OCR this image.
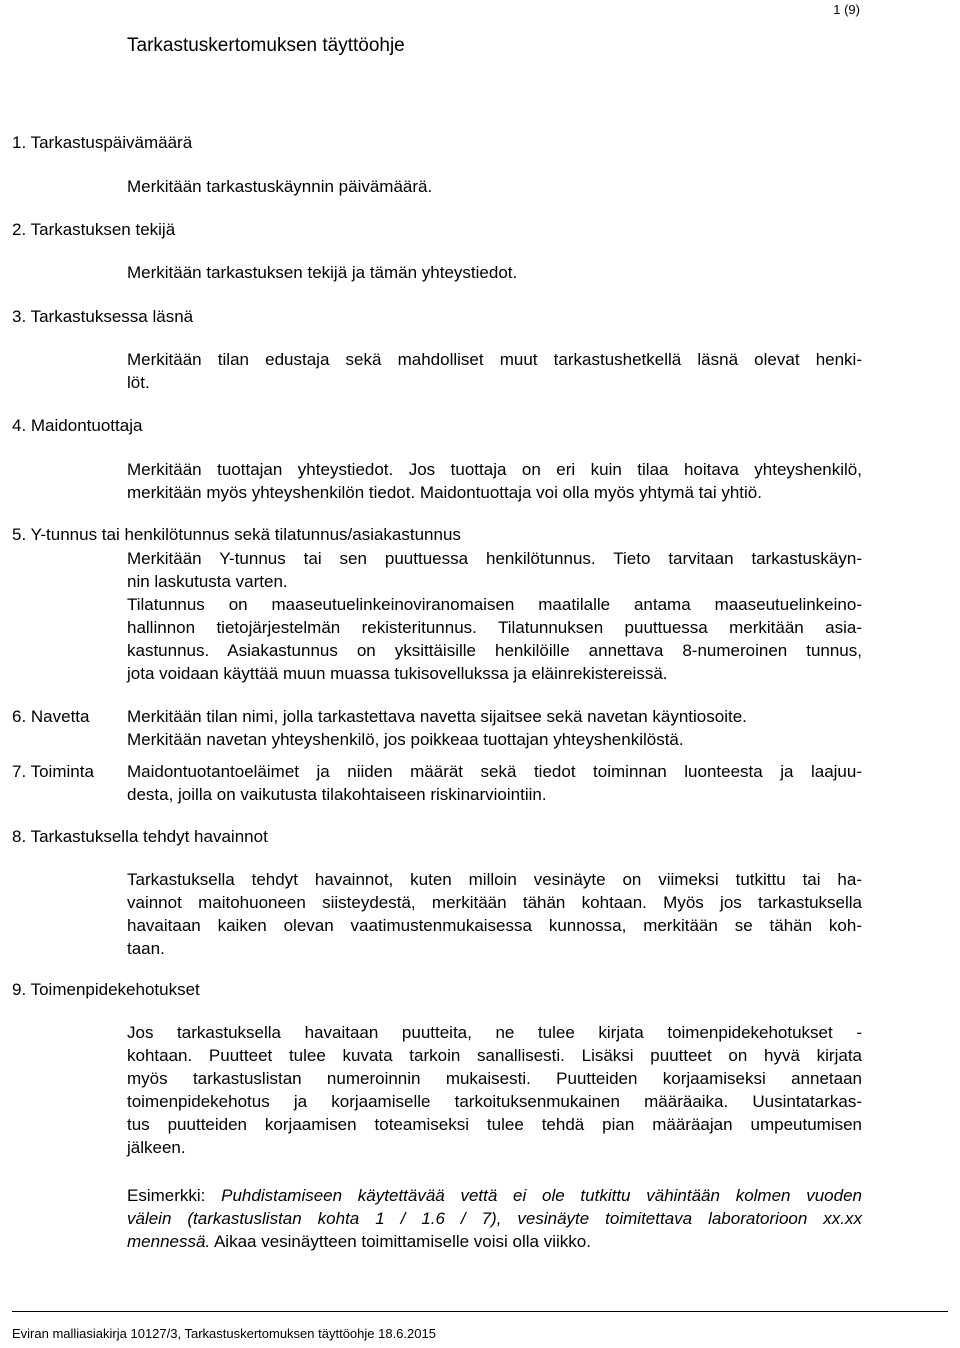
1 (9)
Tarkastuskertomuksen täyttöohje
1. Tarkastuspäivämäärä
Merkitään tarkastuskäynnin päivämäärä.
2. Tarkastuksen tekijä
Merkitään tarkastuksen tekijä ja tämän yhteystiedot.
3. Tarkastuksessa läsnä
Merkitään tilan edustaja sekä mahdolliset muut tarkastushetkellä läsnä olevat henki-
löt.
4. Maidontuottaja
Merkitään tuottajan yhteystiedot. Jos tuottaja on eri kuin tilaa hoitava yhteyshenkilö,
merkitään myös yhteyshenkilön tiedot. Maidontuottaja voi olla myös yhtymä tai yhtiö.
5. Y-tunnus tai henkilötunnus sekä tilatunnus/asiakastunnus
Merkitään Y-tunnus tai sen puuttuessa henkilötunnus. Tieto tarvitaan tarkastuskäyn-
nin laskutusta varten.
Tilatunnus on maaseutuelinkeinoviranomaisen maatilalle antama maaseutuelinkeino-
hallinnon tietojärjestelmän rekisteritunnus. Tilatunnuksen puuttuessa merkitään asia-
kastunnus. Asiakastunnus on yksittäisille henkilöille annettava 8-numeroinen tunnus,
jota voidaan käyttää muun muassa tukisovellukssa ja eläinrekistereissä.
6. Navetta Merkitään tilan nimi, jolla tarkastettava navetta sijaitsee sekä navetan käyntiosoite.
Merkitään navetan yhteyshenkilö, jos poikkeaa tuottajan yhteyshenkilöstä.
7. Toiminta Maidontuotantoeläimet ja niiden määrät sekä tiedot toiminnan luonteesta ja laajuu-
desta, joilla on vaikutusta tilakohtaiseen riskinarviointiin.
8. Tarkastuksella tehdyt havainnot
Tarkastuksella tehdyt havainnot, kuten milloin vesinäyte on viimeksi tutkittu tai ha-
vainnot maitohuoneen siisteydestä, merkitään tähän kohtaan. Myös jos tarkastuksella
havaitaan kaiken olevan vaatimustenmukaisessa kunnossa, merkitään se tähän koh-
taan.
9. Toimenpidekehotukset
Jos tarkastuksella havaitaan puutteita, ne tulee kirjata toimenpidekehotukset -
kohtaan. Puutteet tulee kuvata tarkoin sanallisesti. Lisäksi puutteet on hyvä kirjata
myös tarkastuslistan numeroinnin mukaisesti. Puutteiden korjaamiseksi annetaan
toimenpidekehotus ja korjaamiselle tarkoituksenmukainen määräaika. Uusintatarkas-
tus puutteiden korjaamisen toteamiseksi tulee tehdä pian määräajan umpeutumisen
jälkeen.
Esimerkki: Puhdistamiseen käytettävää vettä ei ole tutkittu vähintään kolmen vuoden
välein (tarkastuslistan kohta 1 / 1.6 / 7), vesinäyte toimitettava laboratorioon xx.xx
mennessä. Aikaa vesinäytteen toimittamiselle voisi olla viikko.
Eviran malliasiakirja 10127/3, Tarkastuskertomuksen täyttöohje 18.6.2015
